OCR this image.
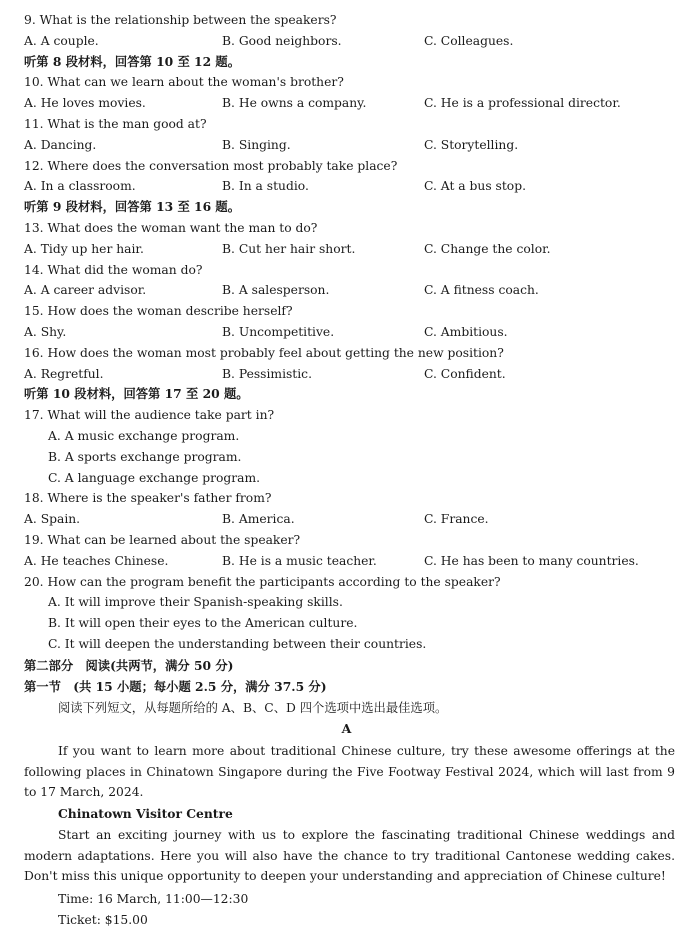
9. What is the relationship between the speakers?
A. A couple.	B. Good neighbors.	C. Colleagues.
听第 8 段材料，回答第 10 至 12 题。
10. What can we learn about the woman's brother?
A. He loves movies.	B. He owns a company.	C. He is a professional director.
11. What is the man good at?
A. Dancing.	B. Singing.	C. Storytelling.
12. Where does the conversation most probably take place?
A. In a classroom.	B. In a studio.	C. At a bus stop.
听第 9 段材料，回答第 13 至 16 题。
13. What does the woman want the man to do?
A. Tidy up her hair.	B. Cut her hair short.	C. Change the color.
14. What did the woman do?
A. A career advisor.	B. A salesperson.	C. A fitness coach.
15. How does the woman describe herself?
A. Shy.	B. Uncompetitive.	C. Ambitious.
16. How does the woman most probably feel about getting the new position?
A. Regretful.	B. Pessimistic.	C. Confident.
听第 10 段材料，回答第 17 至 20 题。
17. What will the audience take part in?
A. A music exchange program.
B. A sports exchange program.
C. A language exchange program.
18. Where is the speaker's father from?
A. Spain.	B. America.	C. France.
19. What can be learned about the speaker?
A. He teaches Chinese.	B. He is a music teacher.	C. He has been to many countries.
20. How can the program benefit the participants according to the speaker?
A. It will improve their Spanish-speaking skills.
B. It will open their eyes to the American culture.
C. It will deepen the understanding between their countries.
第二部分　阅读(共两节，满分 50 分)
第一节　(共 15 小题；每小题 2.5 分，满分 37.5 分)
阅读下列短文，从每题所给的 A、B、C、D 四个选项中选出最佳选项。
A
If you want to learn more about traditional Chinese culture, try these awesome offerings at the following places in Chinatown Singapore during the Five Footway Festival 2024, which will last from 9 to 17 March, 2024.
Chinatown Visitor Centre
Start an exciting journey with us to explore the fascinating traditional Chinese weddings and modern adaptations. Here you will also have the chance to try traditional Cantonese wedding cakes. Don't miss this unique opportunity to deepen your understanding and appreciation of Chinese culture!
Time: 16 March, 11:00—12:30
Ticket: $15.00
